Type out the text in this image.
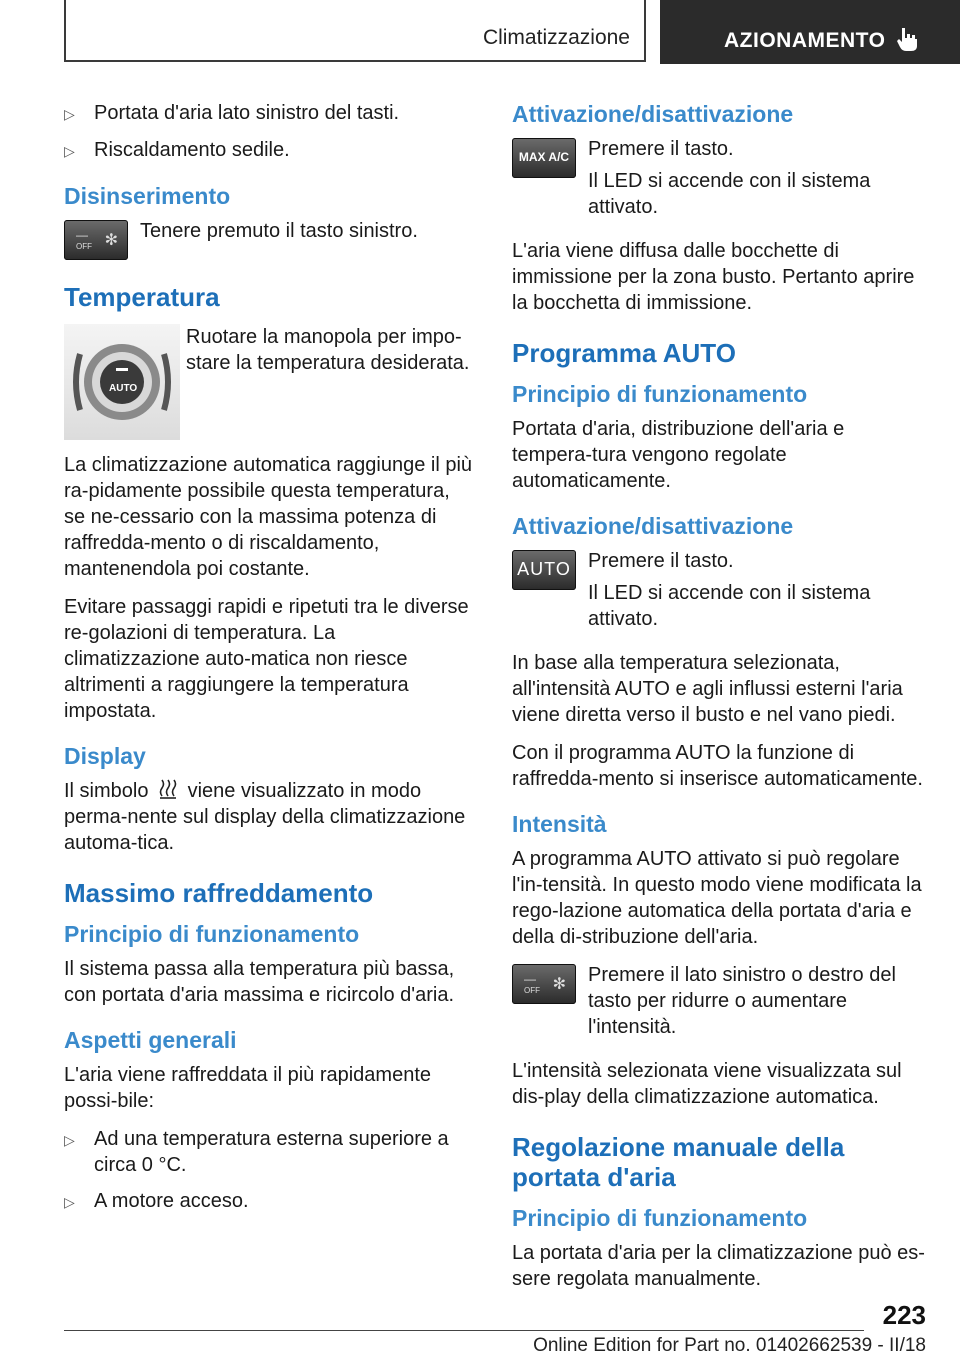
Climatizzazione	AZIONAMENTO
▷ Portata d'aria lato sinistro del tasti.
▷ Riscaldamento sedile.
Disinserimento
—
OFF ✻ Tenere premuto il tasto sinistro.

Temperatura
AUTO

Ruotare la manopola per impo-stare la temperatura desiderata.

La climatizzazione automatica raggiunge il più ra-pidamente possibile questa temperatura, se ne-cessario con la massima potenza di raffredda-mento o di riscaldamento, mantenendola poi costante.

Evitare passaggi rapidi e ripetuti tra le diverse re-golazioni di temperatura. La climatizzazione auto-matica non riesce altrimenti a raggiungere la temperatura impostata.

Display

Il simbolo viene visualizzato in modo perma-nente sul display della climatizzazione automa-tica.

Massimo raffreddamento
Principio di funzionamento

Il sistema passa alla temperatura più bassa, con portata d'aria massima e ricircolo d'aria.

Aspetti generali

L'aria viene raffreddata il più rapidamente possi-bile:

▷ Ad una temperatura esterna superiore a circa 0 °C.
▷ A motore acceso.
Attivazione/disattivazione
MAX A/C Premere il tasto.

Il LED si accende con il sistema attivato.

L'aria viene diffusa dalle bocchette di immissione per la zona busto. Pertanto aprire la bocchetta di immissione.

Programma AUTO
Principio di funzionamento

Portata d'aria, distribuzione dell'aria e tempera-tura vengono regolate automaticamente.

Attivazione/disattivazione
AUTO Premere il tasto.

Il LED si accende con il sistema attivato.

In base alla temperatura selezionata, all'intensità AUTO e agli influssi esterni l'aria viene diretta verso il busto e nel vano piedi.

Con il programma AUTO la funzione di raffredda-mento si inserisce automaticamente.

Intensità

A programma AUTO attivato si può regolare l'in-tensità. In questo modo viene modificata la rego-lazione automatica della portata d'aria e della di-stribuzione dell'aria.

—
OFF ✻ Premere il lato sinistro o destro del tasto per ridurre o aumentare l'intensità.

L'intensità selezionata viene visualizzata sul dis-play della climatizzazione automatica.

Regolazione manuale della portata d'aria
Principio di funzionamento

La portata d'aria per la climatizzazione può es-sere regolata manualmente.

223
Online Edition for Part no. 01402662539 - II/18
